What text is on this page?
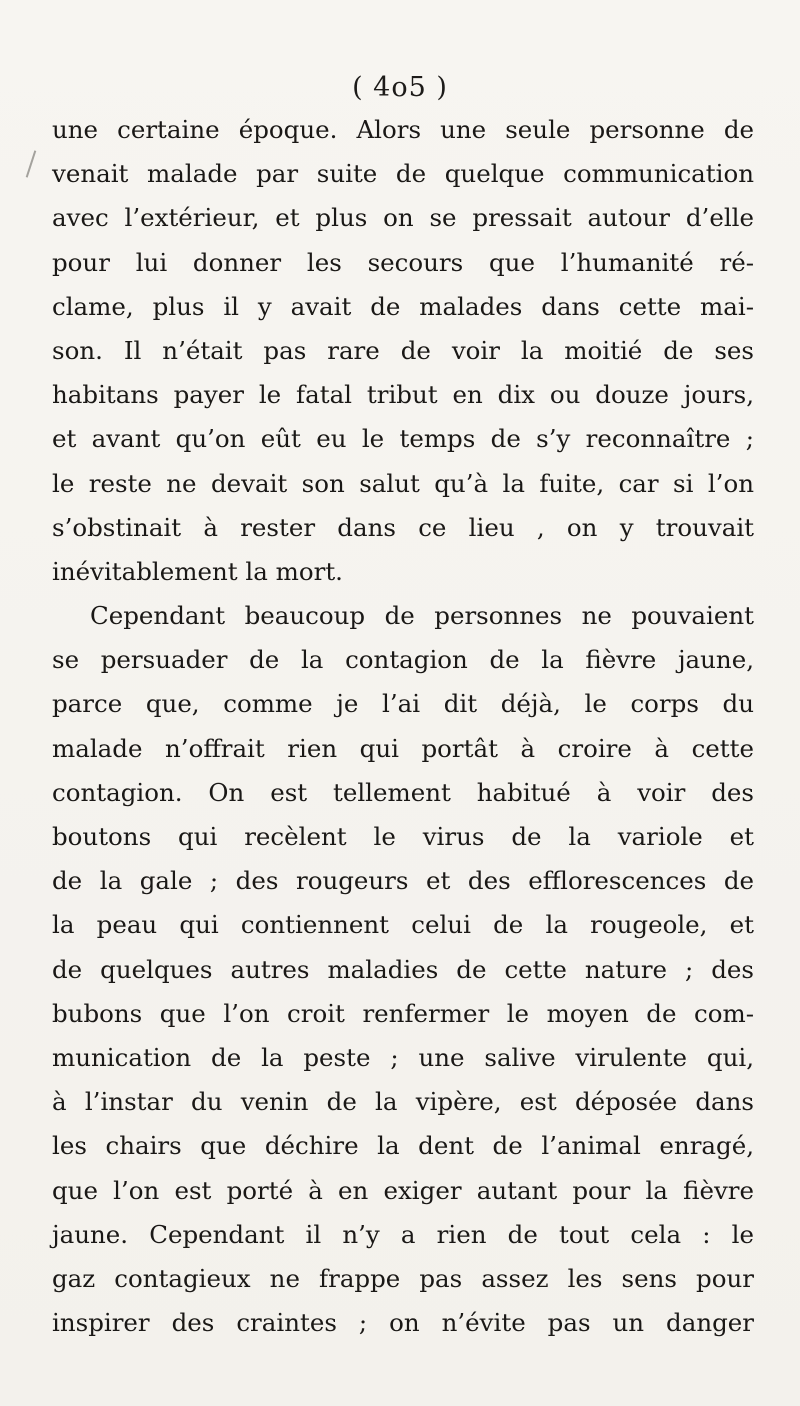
( 4o5 )
une certaine époque. Alors une seule personne de
venait malade par suite de quelque communication
avec l’extérieur, et plus on se pressait autour d’elle
pour lui donner les secours que l’humanité ré-
clame, plus il y avait de malades dans cette mai-
son. Il n’était pas rare de voir la moitié de ses
habitans payer le fatal tribut en dix ou douze jours,
et avant qu’on eût eu le temps de s’y reconnaître ;
le reste ne devait son salut qu’à la fuite, car si l’on
s’obstinait à rester dans ce lieu , on y trouvait
inévitablement la mort.
Cependant beaucoup de personnes ne pouvaient
se persuader de la contagion de la fièvre jaune,
parce que, comme je l’ai dit déjà, le corps du
malade n’offrait rien qui portât à croire à cette
contagion. On est tellement habitué à voir des
boutons qui recèlent le virus de la variole et
de la gale ; des rougeurs et des efflorescences de
la peau qui contiennent celui de la rougeole, et
de quelques autres maladies de cette nature ; des
bubons que l’on croit renfermer le moyen de com-
munication de la peste ; une salive virulente qui,
à l’instar du venin de la vipère, est déposée dans
les chairs que déchire la dent de l’animal enragé,
que l’on est porté à en exiger autant pour la fièvre
jaune. Cependant il n’y a rien de tout cela : le
gaz contagieux ne frappe pas assez les sens pour
inspirer des craintes ; on n’évite pas un danger
